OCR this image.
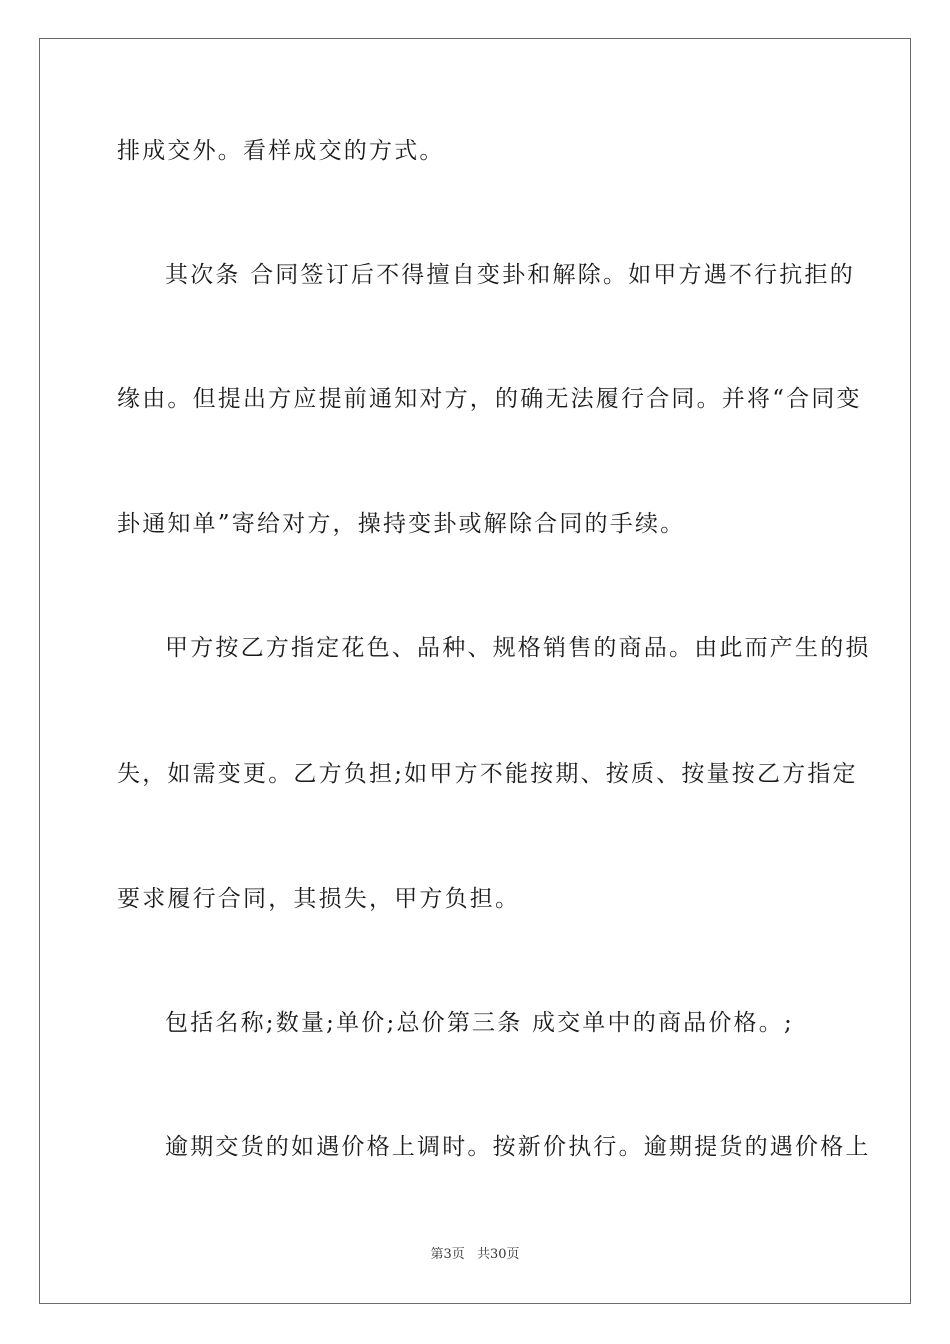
排成交外。看样成交的方式。
其次条 合同签订后不得擅自变卦和解除。如甲方遇不行抗拒的
缘由。但提出方应提前通知对方，的确无法履行合同。并将“合同变
卦通知单”寄给对方，操持变卦或解除合同的手续。
甲方按乙方指定花色、品种、规格销售的商品。由此而产生的损
失，如需变更。乙方负担;如甲方不能按期、按质、按量按乙方指定
要求履行合同，其损失，甲方负担。
包括名称;数量;单价;总价第三条 成交单中的商品价格。;
逾期交货的如遇价格上调时。按新价执行。逾期提货的遇价格上
第3页 共30页
